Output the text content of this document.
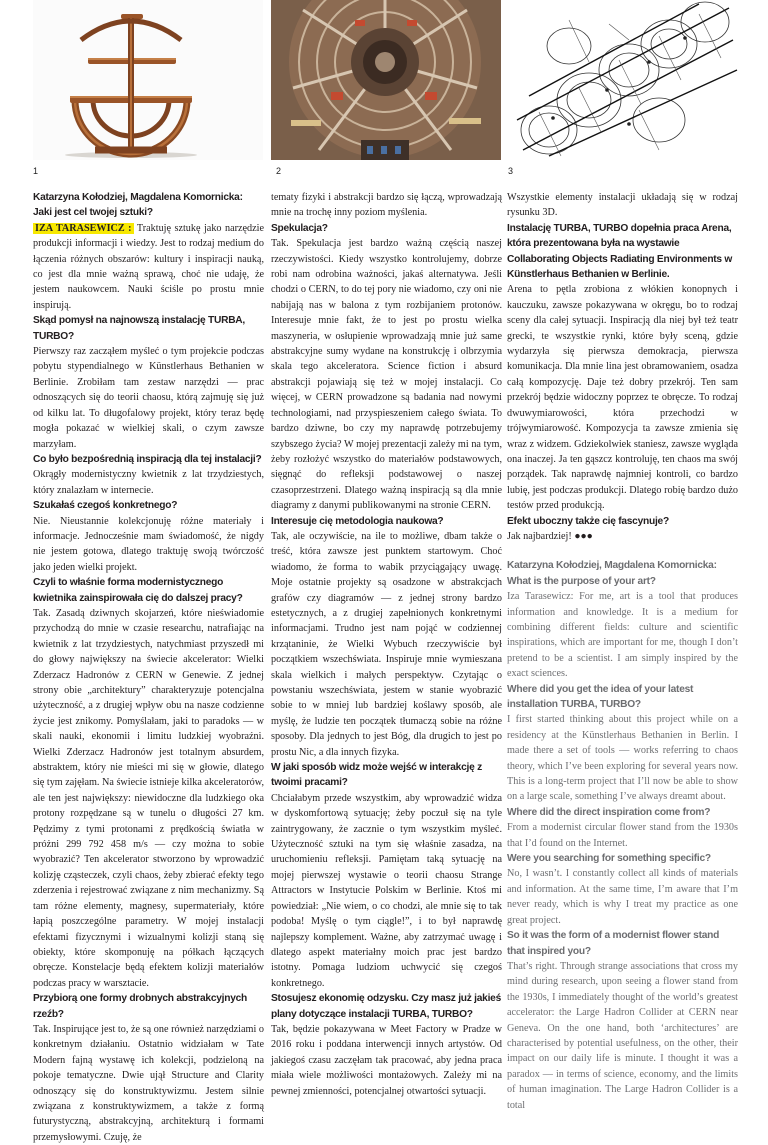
1	2	3

Katarzyna Kołodziej, Magdalena Komornicka: Jaki jest cel twojej sztuki?

IZA TARASEWICZ : Traktuję sztukę jako narzędzie produkcji informacji i wiedzy. Jest to rodzaj medium do łączenia różnych obszarów: kultury i inspiracji nauką, co jest dla mnie ważną sprawą, choć nie udaję, że jestem naukowcem. Nauki ściśle po prostu mnie inspirują.

Skąd pomysł na najnowszą instalację TURBA, TURBO?

Pierwszy raz zacząłem myśleć o tym projekcie podczas pobytu stypendialnego w Künstlerhaus Bethanien w Berlinie. Zrobiłam tam zestaw narzędzi — prac odnoszących się do teorii chaosu, którą zajmuję się już od kilku lat. To długofalowy projekt, który teraz będę mogła pokazać w wielkiej skali, o czym zawsze marzyłam.

Co było bezpośrednią inspiracją dla tej instalacji?

Okrągły modernistyczny kwietnik z lat trzydziestych, który znalazłam w internecie.

Szukałaś czegoś konkretnego?

Nie. Nieustannie kolekcjonuję różne materiały i informacje. Jednocześnie mam świadomość, że nigdy nie jestem gotowa, dlatego traktuję swoją twórczość jako jeden wielki projekt.

Czyli to właśnie forma modernistycznego kwietnika zainspirowała cię do dalszej pracy?

Tak. Zasadą dziwnych skojarzeń, które nieświadomie przychodzą do mnie w czasie researchu, natrafiając na kwietnik z lat trzydziestych, natychmiast przyszedł mi do głowy największy na świecie akcelerator: Wielki Zderzacz Hadronów z CERN w Genewie. Z jednej strony obie „architektury” charakteryzuje potencjalna użyteczność, a z drugiej wpływ obu na nasze codzienne życie jest znikomy. Pomyślałam, jaki to paradoks — w skali nauki, ekonomii i limitu ludzkiej wyobraźni. Wielki Zderzacz Hadronów jest totalnym absurdem, abstraktem, który nie mieści mi się w głowie, dlatego się tym zajęłam. Na świecie istnieje kilka akceleratorów, ale ten jest największy: niewidoczne dla ludzkiego oka protony rozpędzane są w tunelu o długości 27 km. Pędzimy z tymi protonami z prędkością światła w próżni 299 792 458 m/s — czy można to sobie wyobrazić? Ten akcelerator stworzono by wprowadzić kolizję cząsteczek, czyli chaos, żeby zbierać efekty tego zderzenia i rejestrować związane z nim mechanizmy. Są tam różne elementy, magnesy, supermateriały, które łapią poszczególne parametry. W mojej instalacji efektami fizycznymi i wizualnymi kolizji staną się obiekty, które skomponuję na półkach łączących obręcze. Konstelacje będą efektem kolizji materiałów podczas pracy w warsztacie.

Przybiorą one formy drobnych abstrakcyjnych rzeźb?

Tak. Inspirujące jest to, że są one również narzędziami o konkretnym działaniu. Ostatnio widziałam w Tate Modern fajną wystawę ich kolekcji, podzieloną na pokoje tematyczne. Dwie ujął Structure and Clarity odnoszący się do konstruktywizmu. Jestem silnie związana z konstruktywizmem, a także z formą futurystyczną, abstrakcyjną, architekturą i formami przemysłowymi. Czuję, że

tematy fizyki i abstrakcji bardzo się łączą, wprowadzają mnie na trochę inny poziom myślenia.

Spekulacja?

Tak. Spekulacja jest bardzo ważną częścią naszej rzeczywistości. Kiedy wszystko kontrolujemy, dobrze robi nam odrobina ważności, jakaś alternatywa. Jeśli chodzi o CERN, to do tej pory nie wiadomo, czy oni nie nabijają nas w balona z tym rozbijaniem protonów. Interesuje mnie fakt, że to jest po prostu wielka maszyneria, w osłupienie wprowadzają mnie już same abstrakcyjne sumy wydane na konstrukcję i olbrzymia skala tego akceleratora. Science fiction i absurd abstrakcji pojawiają się też w mojej instalacji. Co więcej, w CERN prowadzone są badania nad nowymi technologiami, nad przyspieszeniem całego świata. To bardzo dziwne, bo czy my naprawdę potrzebujemy szybszego życia? W mojej prezentacji zależy mi na tym, żeby rozłożyć wszystko do materiałów podstawowych, sięgnąć do refleksji podstawowej o naszej czasoprzestrzeni. Dlatego ważną inspiracją są dla mnie diagramy z danymi publikowanymi na stronie CERN.

Interesuje cię metodologia naukowa?

Tak, ale oczywiście, na ile to możliwe, dbam także o treść, która zawsze jest punktem startowym. Choć wiadomo, że forma to wabik przyciągający uwagę. Moje ostatnie projekty są osadzone w abstrakcjach grafów czy diagramów — z jednej strony bardzo estetycznych, a z drugiej zapełnionych konkretnymi informacjami. Trudno jest nam pojąć w codziennej krzątaninie, że Wielki Wybuch rzeczywiście był początkiem wszechświata. Inspiruje mnie wymieszana skala wielkich i małych perspektyw. Czytając o powstaniu wszechświata, jestem w stanie wyobrazić sobie to w mniej lub bardziej koślawy sposób, ale myślę, że ludzie ten początek tłumaczą sobie na różne sposoby. Dla jednych to jest Bóg, dla drugich to jest po prostu Nic, a dla innych fizyka.

W jaki sposób widz może wejść w interakcję z twoimi pracami?

Chciałabym przede wszystkim, aby wprowadzić widza w dyskomfortową sytuację; żeby poczuł się na tyle zaintrygowany, że zacznie o tym wszystkim myśleć. Użyteczność sztuki na tym się właśnie zasadza, na uruchomieniu refleksji. Pamiętam taką sytuację na mojej pierwszej wystawie o teorii chaosu Strange Attractors w Instytucie Polskim w Berlinie. Ktoś mi powiedział: „Nie wiem, o co chodzi, ale mnie się to tak podoba! Myślę o tym ciągle!”, i to był naprawdę najlepszy komplement. Ważne, aby zatrzymać uwagę i dlatego aspekt materiałny moich prac jest bardzo istotny. Pomaga ludziom uchwycić się czegoś konkretnego.

Stosujesz ekonomię odzysku. Czy masz już jakieś plany dotyczące instalacji TURBA, TURBO?

Tak, będzie pokazywana w Meet Factory w Pradze w 2016 roku i poddana interwencji innych artystów. Od jakiegoś czasu zaczęłam tak pracować, aby jedna praca miała wiele możliwości montażowych. Zależy mi na pewnej zmienności, potencjalnej otwartości sytuacji.

Wszystkie elementy instalacji układają się w rodzaj rysunku 3D.

Instalację TURBA, TURBO dopełnia praca Arena, która prezentowana była na wystawie Collaborating Objects Radiating Environments w Künstlerhaus Bethanien w Berlinie.

Arena to pętla zrobiona z włókien konopnych i kauczuku, zawsze pokazywana w okręgu, bo to rodzaj sceny dla całej sytuacji. Inspiracją dla niej był też teatr grecki, te wszystkie rynki, które były sceną, gdzie wydarzyła się pierwsza demokracja, pierwsza komunikacja. Dla mnie lina jest obramowaniem, osadza całą kompozycję. Daje też dobry przekrój. Ten sam przekrój będzie widoczny poprzez te obręcze. To rodzaj dwuwymiarowości, która przechodzi w trójwymiarowość. Kompozycja ta zawsze zmienia się wraz z widzem. Gdziekolwiek staniesz, zawsze wygląda ona inaczej. Ja ten gąszcz kontroluję, ten chaos ma swój porządek. Tak naprawdę najmniej kontroli, co bardzo lubię, jest podczas produkcji. Dlatego robię bardzo dużo testów przed produkcją.

Efekt ubocznу także cię fascynuje?

Jak najbardziej! ●●●

Katarzyna Kołodziej, Magdalena Komornicka: What is the purpose of your art?

Iza Tarasewicz: For me, art is a tool that produces information and knowledge. It is a medium for combining different fields: culture and scientific inspirations, which are important for me, though I don’t pretend to be a scientist. I am simply inspired by the exact sciences.

Where did you get the idea of your latest installation TURBA, TURBO?

I first started thinking about this project while on a residency at the Künstlerhaus Bethanien in Berlin. I made there a set of tools — works referring to chaos theory, which I’ve been exploring for several years now. This is a long-term project that I’ll now be able to show on a large scale, something I’ve always dreamt about.

Where did the direct inspiration come from?

From a modernist circular flower stand from the 1930s that I’d found on the Internet.

Were you searching for something specific?

No, I wasn’t. I constantly collect all kinds of materials and information. At the same time, I’m aware that I’m never ready, which is why I treat my practice as one great project.

So it was the form of a modernist flower stand that inspired you?

That’s right. Through strange associations that cross my mind during research, upon seeing a flower stand from the 1930s, I immediately thought of the world’s greatest accelerator: the Large Hadron Collider at CERN near Geneva. On the one hand, both ‘architectures’ are characterised by potential usefulness, on the other, their impact on our daily life is minute. I thought it was a paradox — in terms of science, economy, and the limits of human imagination. The Large Hadron Collider is a total
